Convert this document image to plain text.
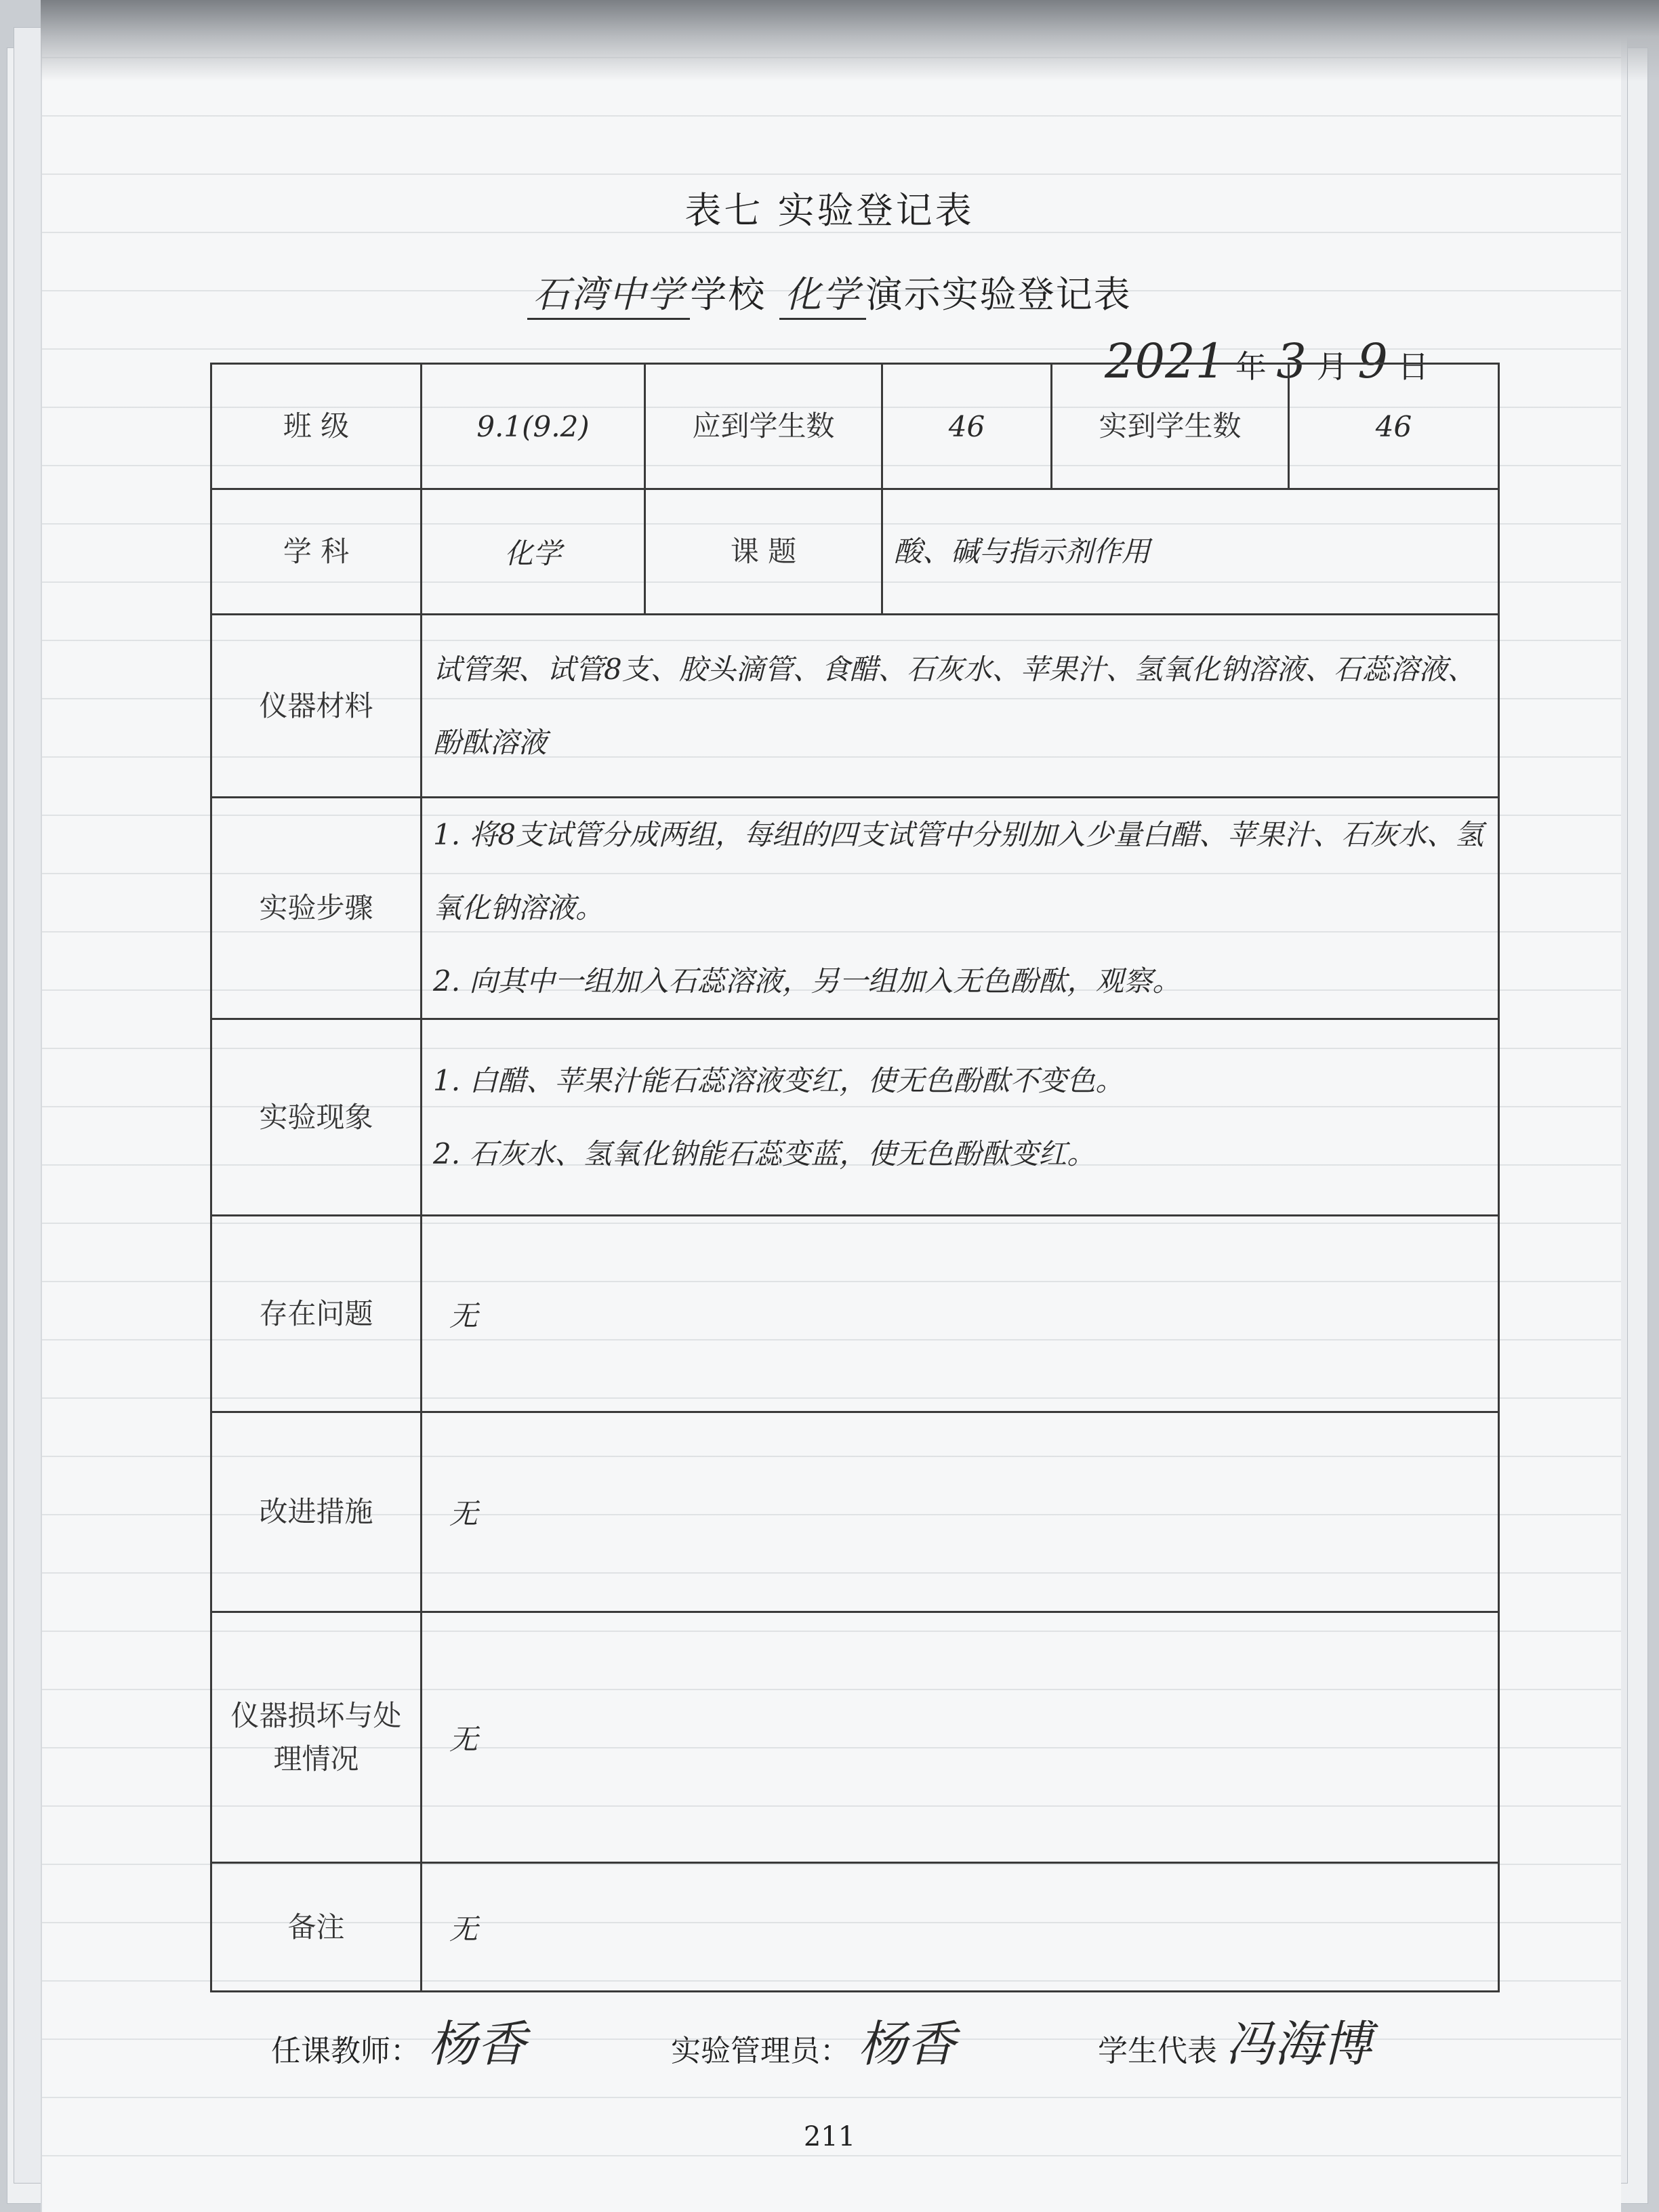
表七 实验登记表
石湾中学 学校 化学 演示实验登记表
2021 年 3 月 9 日
班 级	9.1(9.2)	应到学生数	46	实到学生数	46
学 科	化学	课 题	酸、碱与指示剂作用		
仪器材料	试管架、试管8支、胶头滴管、食醋、石灰水、苹果汁、氢氧化钠溶液、石蕊溶液、酚酞溶液				
实验步骤	1. 将8支试管分成两组，每组的四支试管中分别加入少量白醋、苹果汁、石灰水、氢氧化钠溶液。
2. 向其中一组加入石蕊溶液，另一组加入无色酚酞，观察。				

实验现象	1. 白醋、苹果汁能石蕊溶液变红，使无色酚酞不变色。
2. 石灰水、氢氧化钠能石蕊变蓝，使无色酚酞变红。				

存在问题	无				
改进措施	无				
仪器损坏与处理情况	无				
备注	无				
任课教师： 杨香	实验管理员： 杨香	学生代表 冯海博
211
